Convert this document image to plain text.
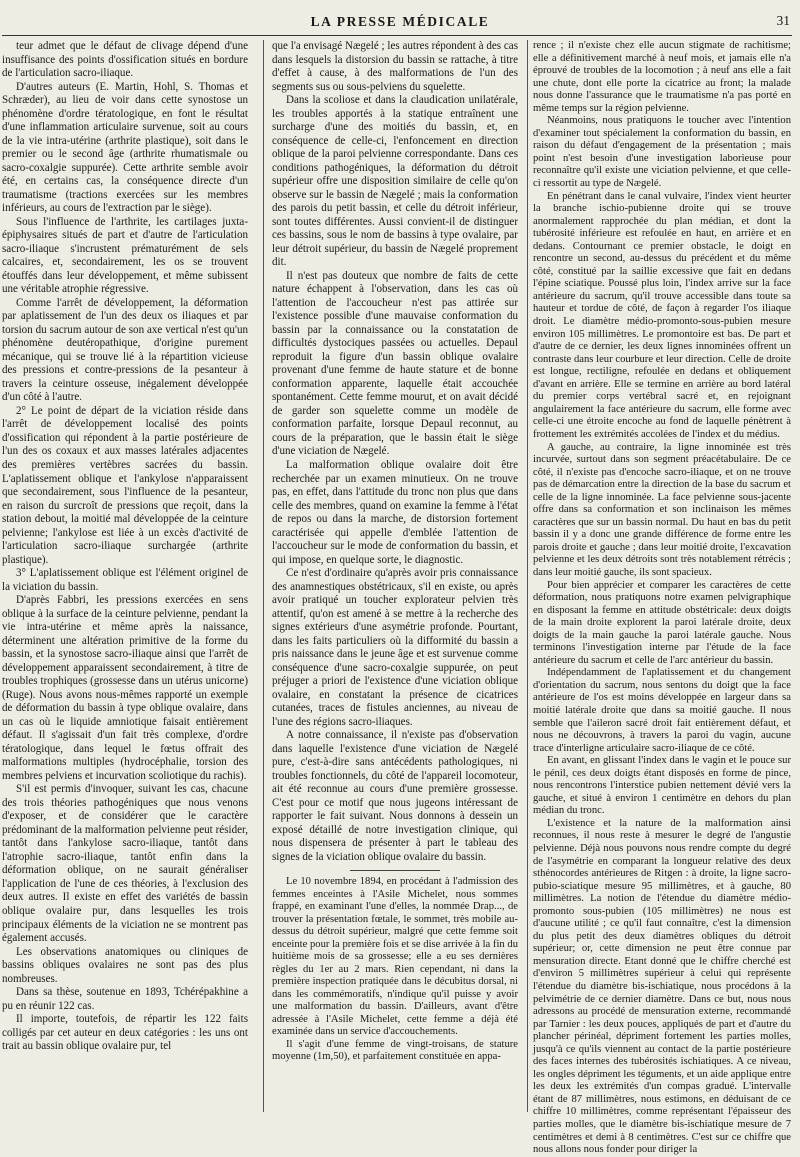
LA PRESSE MÉDICALE	31

teur admet que le défaut de clivage dépend d'une insuffisance des points d'ossification situés en bordure de l'articulation sacro-iliaque.

D'autres auteurs (E. Martin, Hohl, S. Thomas et Schræder), au lieu de voir dans cette synostose un phénomène d'ordre tératologique, en font le résultat d'une inflammation articulaire survenue, soit au cours de la vie intra-utérine (arthrite plastique), soit dans le premier ou le second âge (arthrite rhumatismale ou sacro-coxalgie suppurée). Cette arthrite semble avoir été, en certains cas, la conséquence directe d'un traumatisme (tractions exercées sur les membres inférieurs, au cours de l'extraction par le siège).

Sous l'influence de l'arthrite, les cartilages juxta-épiphysaires situés de part et d'autre de l'articulation sacro-iliaque s'incrustent prématurément de sels calcaires, et, secondairement, les os se trouvent étouffés dans leur développement, et même subissent une véritable atrophie régressive.

Comme l'arrêt de développement, la déformation par aplatissement de l'un des deux os iliaques et par torsion du sacrum autour de son axe vertical n'est qu'un phénomène deutéropathique, d'origine purement mécanique, qui se trouve lié à la répartition vicieuse des pressions et contre-pressions de la pesanteur à travers la ceinture osseuse, inégalement développée d'un côté à l'autre.

2° Le point de départ de la viciation réside dans l'arrêt de développement localisé des points d'ossification qui répondent à la partie postérieure de l'un des os coxaux et aux masses latérales adjacentes des premières vertèbres sacrées du bassin. L'aplatissement oblique et l'ankylose n'apparaissent que secondairement, sous l'influence de la pesanteur, en raison du surcroît de pressions que reçoit, dans la station debout, la moitié mal développée de la ceinture pelvienne; l'ankylose est liée à un excès d'activité de l'articulation sacro-iliaque surchargée (arthrite plastique).

3° L'aplatissement oblique est l'élément originel de la viciation du bassin.

D'après Fabbri, les pressions exercées en sens oblique à la surface de la ceinture pelvienne, pendant la vie intra-utérine et même après la naissance, déterminent une altération primitive de la forme du bassin, et la synostose sacro-iliaque ainsi que l'arrêt de développement apparaissent secondairement, à titre de troubles trophiques (grossesse dans un utérus unicorne) (Ruge). Nous avons nous-mêmes rapporté un exemple de déformation du bassin à type oblique ovalaire, dans un cas où le liquide amniotique faisait entièrement défaut. Il s'agissait d'un fait très complexe, d'ordre tératologique, dans lequel le fœtus offrait des malformations multiples (hydrocéphalie, torsion des membres pelviens et incurvation scoliotique du rachis).

S'il est permis d'invoquer, suivant les cas, chacune des trois théories pathogéniques que nous venons d'exposer, et de considérer que le caractère prédominant de la malformation pelvienne peut résider, tantôt dans l'ankylose sacro-iliaque, tantôt dans l'atrophie sacro-iliaque, tantôt enfin dans la déformation oblique, on ne saurait généraliser l'application de l'une de ces théories, à l'exclusion des deux autres. Il existe en effet des variétés de bassin oblique ovalaire pur, dans lesquelles les trois principaux éléments de la viciation ne se montrent pas également accusés.

Les observations anatomiques ou cliniques de bassins obliques ovalaires ne sont pas des plus nombreuses.

Dans sa thèse, soutenue en 1893, Tchérépakhine a pu en réunir 122 cas.

Il importe, toutefois, de répartir les 122 faits colligés par cet auteur en deux catégories : les uns ont trait au bassin oblique ovalaire pur, tel

que l'a envisagé Nægelé ; les autres répondent à des cas dans lesquels la distorsion du bassin se rattache, à titre d'effet à cause, à des malformations de l'un des segments sus ou sous-pelviens du squelette.

Dans la scoliose et dans la claudication unilatérale, les troubles apportés à la statique entraînent une surcharge d'une des moitiés du bassin, et, en conséquence de celle-ci, l'enfoncement en direction oblique de la paroi pelvienne correspondante. Dans ces conditions pathogéniques, la déformation du détroit supérieur offre une disposition similaire de celle qu'on observe sur le bassin de Nægelé ; mais la conformation des parois du petit bassin, et celle du détroit inférieur, sont toutes différentes. Aussi convient-il de distinguer ces bassins, sous le nom de bassins à type ovalaire, par leur détroit supérieur, du bassin de Nægelé proprement dit.

Il n'est pas douteux que nombre de faits de cette nature échappent à l'observation, dans les cas où l'attention de l'accoucheur n'est pas attirée sur l'existence possible d'une mauvaise conformation du bassin par la connaissance ou la constatation de difficultés dystociques passées ou actuelles. Depaul reproduit la figure d'un bassin oblique ovalaire provenant d'une femme de haute stature et de bonne conformation apparente, laquelle était accouchée spontanément. Cette femme mourut, et on avait décidé de garder son squelette comme un modèle de conformation parfaite, lorsque Depaul reconnut, au cours de la préparation, que le bassin était le siège d'une viciation de Nægelé.

La malformation oblique ovalaire doit être recherchée par un examen minutieux. On ne trouve pas, en effet, dans l'attitude du tronc non plus que dans celle des membres, quand on examine la femme à l'état de repos ou dans la marche, de distorsion fortement caractérisée qui appelle d'emblée l'attention de l'accoucheur sur le mode de conformation du bassin, et qui impose, en quelque sorte, le diagnostic.

Ce n'est d'ordinaire qu'après avoir pris connaissance des anamnestiques obstétricaux, s'il en existe, ou après avoir pratiqué un toucher explorateur pelvien très attentif, qu'on est amené à se mettre à la recherche des signes extérieurs d'une asymétrie profonde. Pourtant, dans les faits particuliers où la difformité du bassin a pris naissance dans le jeune âge et est survenue comme conséquence d'une sacro-coxalgie suppurée, on peut préjuger a priori de l'existence d'une viciation oblique ovalaire, en constatant la présence de cicatrices cutanées, traces de fistules anciennes, au niveau de l'une des régions sacro-iliaques.

A notre connaissance, il n'existe pas d'observation dans laquelle l'existence d'une viciation de Nægelé pure, c'est-à-dire sans antécédents pathologiques, ni troubles fonctionnels, du côté de l'appareil locomoteur, ait été reconnue au cours d'une première grossesse. C'est pour ce motif que nous jugeons intéressant de rapporter le fait suivant. Nous donnons à dessein un exposé détaillé de notre investigation clinique, qui nous dispensera de présenter à part le tableau des signes de la viciation oblique ovalaire du bassin.

Le 10 novembre 1894, en procédant à l'admission des femmes enceintes à l'Asile Michelet, nous sommes frappé, en examinant l'une d'elles, la nommée Drap..., de trouver la présentation fœtale, le sommet, très mobile au-dessus du détroit supérieur, malgré que cette femme soit enceinte pour la première fois et se dise arrivée à la fin du huitième mois de sa grossesse; elle a eu ses dernières règles du 1er au 2 mars. Rien cependant, ni dans la première inspection pratiquée dans le décubitus dorsal, ni dans les commémoratifs, n'indique qu'il puisse y avoir une malformation du bassin. D'ailleurs, avant d'être adressée à l'Asile Michelet, cette femme a déjà été examinée dans un service d'accouchements.

Il s'agit d'une femme de vingt-troisans, de stature moyenne (1m,50), et parfaitement constituée en appa-

rence ; il n'existe chez elle aucun stigmate de rachitisme; elle a définitivement marché à neuf mois, et jamais elle n'a éprouvé de troubles de la locomotion ; à neuf ans elle a fait une chute, dont elle porte la cicatrice au front; la malade nous donne l'assurance que le traumatisme n'a pas porté en même temps sur la région pelvienne.

Néanmoins, nous pratiquons le toucher avec l'intention d'examiner tout spécialement la conformation du bassin, en raison du défaut d'engagement de la présentation ; mais point n'est besoin d'une investigation laborieuse pour reconnaître qu'il existe une viciation pelvienne, et que celle-ci ressortit au type de Nægelé.

En pénétrant dans le canal vulvaire, l'index vient heurter la branche ischio-pubienne droite qui se trouve anormalement rapprochée du plan médian, et dont la tubérosité inférieure est refoulée en haut, en arrière et en dedans. Contournant ce premier obstacle, le doigt en rencontre un second, au-dessus du précédent et du même côté, constitué par la saillie excessive que fait en dedans l'épine sciatique. Poussé plus loin, l'index arrive sur la face antérieure du sacrum, qu'il trouve accessible dans toute sa hauteur et tordue de côté, de façon à regarder l'os iliaque droit. Le diamètre médio-promonto-sous-pubien mesure environ 105 millimètres. Le promontoire est bas. De part et d'autre de ce dernier, les deux lignes innominées offrent un contraste dans leur courbure et leur direction. Celle de droite est longue, rectiligne, refoulée en dedans et obliquement d'avant en arrière. Elle se termine en arrière au bord latéral du premier corps vertébral sacré et, en rejoignant angulairement la face antérieure du sacrum, elle forme avec celle-ci une étroite encoche au fond de laquelle pénètrent à frottement les extrémités accolées de l'index et du médius.

A gauche, au contraire, la ligne innominée est très incurvée, surtout dans son segment préacétabulaire. De ce côté, il n'existe pas d'encoche sacro-iliaque, et on ne trouve pas de démarcation entre la direction de la base du sacrum et celle de la ligne innominée. La face pelvienne sous-jacente offre dans sa conformation et son inclinaison les mêmes caractères que sur un bassin normal. Du haut en bas du petit bassin il y a donc une grande différence de forme entre les parois droite et gauche ; dans leur moitié droite, l'excavation pelvienne et les deux détroits sont très notablement rétrécis ; dans leur moitié gauche, ils sont spacieux.

Pour bien apprécier et comparer les caractères de cette déformation, nous pratiquons notre examen pelvigraphique en disposant la femme en attitude obstétricale: deux doigts de la main droite explorent la paroi latérale droite, deux doigts de la main gauche la paroi latérale gauche. Nous terminons l'investigation interne par l'étude de la face antérieure du sacrum et celle de l'arc antérieur du bassin.

Indépendamment de l'aplatissement et du changement d'orientation du sacrum, nous sentons du doigt que la face antérieure de l'os est moins développée en largeur dans sa moitié latérale droite que dans sa moitié gauche. Il nous semble que l'aileron sacré droit fait entièrement défaut, et nous ne découvrons, à travers la paroi du vagin, aucune trace d'interligne articulaire sacro-iliaque de ce côté.

En avant, en glissant l'index dans le vagin et le pouce sur le pénil, ces deux doigts étant disposés en forme de pince, nous rencontrons l'interstice pubien nettement dévié vers la gauche, et situé à environ 1 centimètre en dehors du plan médian du tronc.

L'existence et la nature de la malformation ainsi reconnues, il nous reste à mesurer le degré de l'angustie pelvienne. Déjà nous pouvons nous rendre compte du degré de l'asymétrie en comparant la longueur relative des deux sthénocordes antérieures de Ritgen : à droite, la ligne sacro-pubio-sciatique mesure 95 millimètres, et à gauche, 80 millimètres. La notion de l'étendue du diamètre médio-promonto sous-pubien (105 millimètres) ne nous est d'aucune utilité ; ce qu'il faut connaître, c'est la dimension du plus petit des deux diamètres obliques du détroit supérieur; or, cette dimension ne peut être connue par mensuration directe. Etant donné que le chiffre cherché est d'environ 5 millimètres supérieur à celui qui représente l'étendue du diamètre bis-ischiatique, nous procédons à la pelvimétrie de ce dernier diamètre. Dans ce but, nous nous adressons au procédé de mensuration externe, recommandé par Tarnier : les deux pouces, appliqués de part et d'autre du plancher périnéal, dépriment fortement les parties molles, jusqu'à ce qu'ils viennent au contact de la partie postérieure des faces internes des tubérosités ischiatiques. A ce niveau, les ongles dépriment les téguments, et un aide applique entre les deux les extrémités d'un compas gradué. L'intervalle étant de 87 millimètres, nous estimons, en déduisant de ce chiffre 10 millimètres, comme représentant l'épaisseur des parties molles, que le diamètre bis-ischiatique mesure de 7 centimètres et demi à 8 centimètres. C'est sur ce chiffre que nous allons nous fonder pour diriger la
